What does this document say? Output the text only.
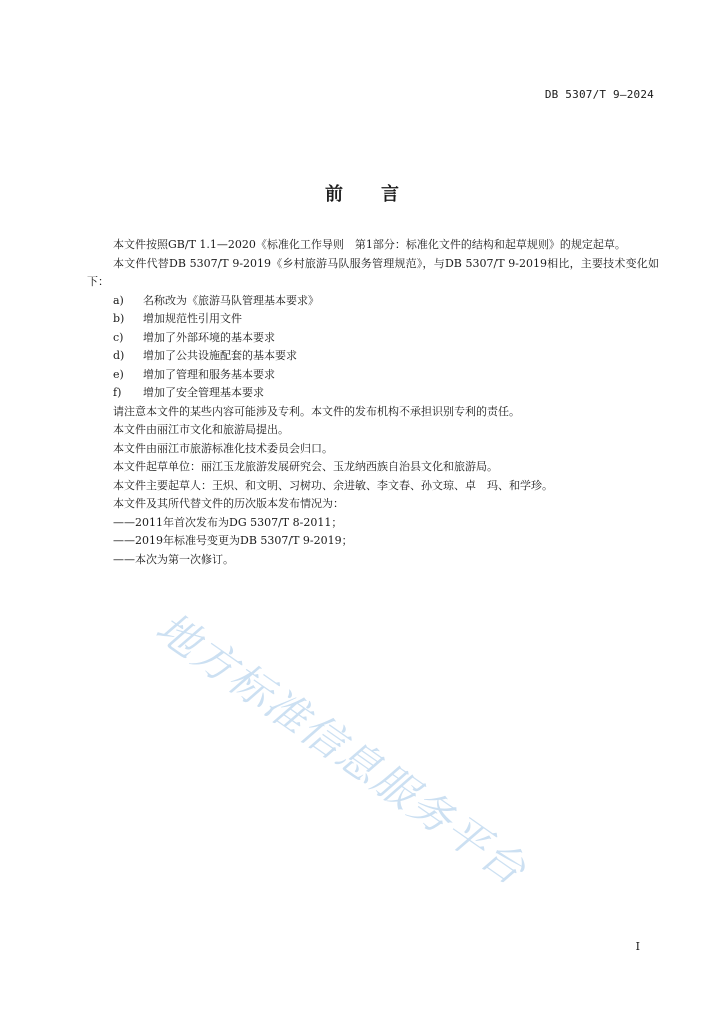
DB 5307/T 9—2024
前言

本文件按照GB/T 1.1—2020《标准化工作导则　第1部分：标准化文件的结构和起草规则》的规定起草。

本文件代替DB 5307/T 9-2019《乡村旅游马队服务管理规范》，与DB 5307/T 9-2019相比，主要技术变化如下：

a)	名称改为《旅游马队管理基本要求》
b)	增加规范性引用文件
c)	增加了外部环境的基本要求
d)	增加了公共设施配套的基本要求
e)	增加了管理和服务基本要求
f)	增加了安全管理基本要求

请注意本文件的某些内容可能涉及专利。本文件的发布机构不承担识别专利的责任。

本文件由丽江市文化和旅游局提出。

本文件由丽江市旅游标准化技术委员会归口。

本文件起草单位：丽江玉龙旅游发展研究会、玉龙纳西族自治县文化和旅游局。

本文件主要起草人：王炽、和文明、习树功、余进敏、李文春、孙文琼、卓　玛、和学珍。

本文件及其所代替文件的历次版本发布情况为：

——2011年首次发布为DG 5307/T 8-2011；

——2019年标准号变更为DB 5307/T 9-2019；

——本次为第一次修订。

地方标准信息服务平台
I
